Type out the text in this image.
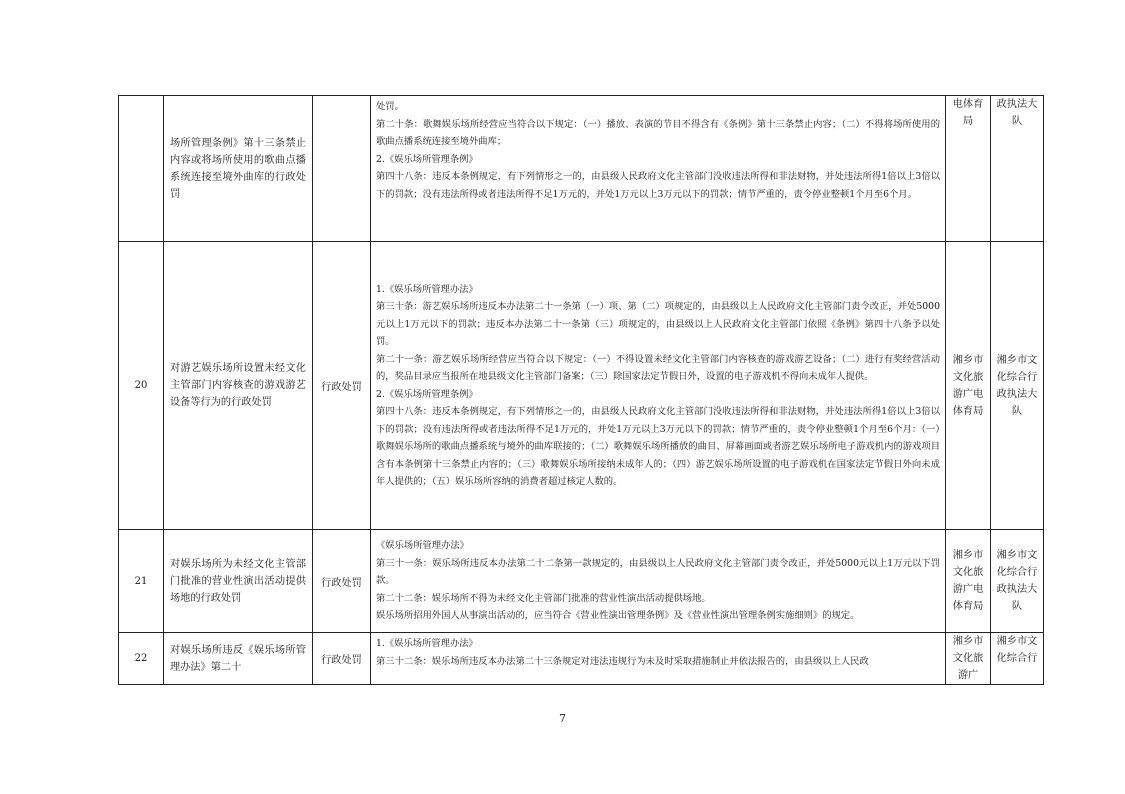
	场所管理条例》第十三条禁止内容或将场所使用的歌曲点播系统连接至境外曲库的行政处罚		处罚。

第二十条：歌舞娱乐场所经营应当符合以下规定：（一）播放、表演的节目不得含有《条例》第十三条禁止内容；（二）不得将场所使用的歌曲点播系统连接至境外曲库；

2.《娱乐场所管理条例》

第四十八条：违反本条例规定，有下列情形之一的，由县级人民政府文化主管部门没收违法所得和非法财物，并处违法所得1倍以上3倍以下的罚款；没有违法所得或者违法所得不足1万元的，并处1万元以上3万元以下的罚款；情节严重的，责令停业整顿1个月至6个月。	电体育局	政执法大队
20	对游艺娱乐场所设置未经文化主管部门内容核查的游戏游艺设备等行为的行政处罚	行政处罚	1.《娱乐场所管理办法》

第三十条：游艺娱乐场所违反本办法第二十一条第（一）项、第（二）项规定的，由县级以上人民政府文化主管部门责令改正，并处5000元以上1万元以下的罚款；违反本办法第二十一条第（三）项规定的，由县级以上人民政府文化主管部门依照《条例》第四十八条予以处罚。

第二十一条：游艺娱乐场所经营应当符合以下规定：（一）不得设置未经文化主管部门内容核查的游戏游艺设备；（二）进行有奖经营活动的，奖品目录应当报所在地县级文化主管部门备案；（三）除国家法定节假日外，设置的电子游戏机不得向未成年人提供。

2.《娱乐场所管理条例》

第四十八条：违反本条例规定，有下列情形之一的，由县级人民政府文化主管部门没收违法所得和非法财物，并处违法所得1倍以上3倍以下的罚款；没有违法所得或者违法所得不足1万元的，并处1万元以上3万元以下的罚款；情节严重的，责令停业整顿1个月至6个月：（一）歌舞娱乐场所的歌曲点播系统与境外的曲库联接的；（二）歌舞娱乐场所播放的曲目、屏幕画面或者游艺娱乐场所电子游戏机内的游戏项目含有本条例第十三条禁止内容的；（三）歌舞娱乐场所接纳未成年人的；（四）游艺娱乐场所设置的电子游戏机在国家法定节假日外向未成年人提供的；（五）娱乐场所容纳的消费者超过核定人数的。	湘乡市文化旅游广电体育局	湘乡市文化综合行政执法大队
21	对娱乐场所为未经文化主管部门批准的营业性演出活动提供场地的行政处罚	行政处罚	《娱乐场所管理办法》

第三十一条：娱乐场所违反本办法第二十二条第一款规定的，由县级以上人民政府文化主管部门责令改正，并处5000元以上1万元以下罚款。

第二十二条：娱乐场所不得为未经文化主管部门批准的营业性演出活动提供场地。

娱乐场所招用外国人从事演出活动的，应当符合《营业性演出管理条例》及《营业性演出管理条例实施细则》的规定。	湘乡市文化旅游广电体育局	湘乡市文化综合行政执法大队
22	对娱乐场所违反《娱乐场所管理办法》第二十	行政处罚	1.《娱乐场所管理办法》

第三十二条：娱乐场所违反本办法第二十三条规定对违法违规行为未及时采取措施制止并依法报告的，由县级以上人民政	湘乡市文化旅游广	湘乡市文化综合行
7
